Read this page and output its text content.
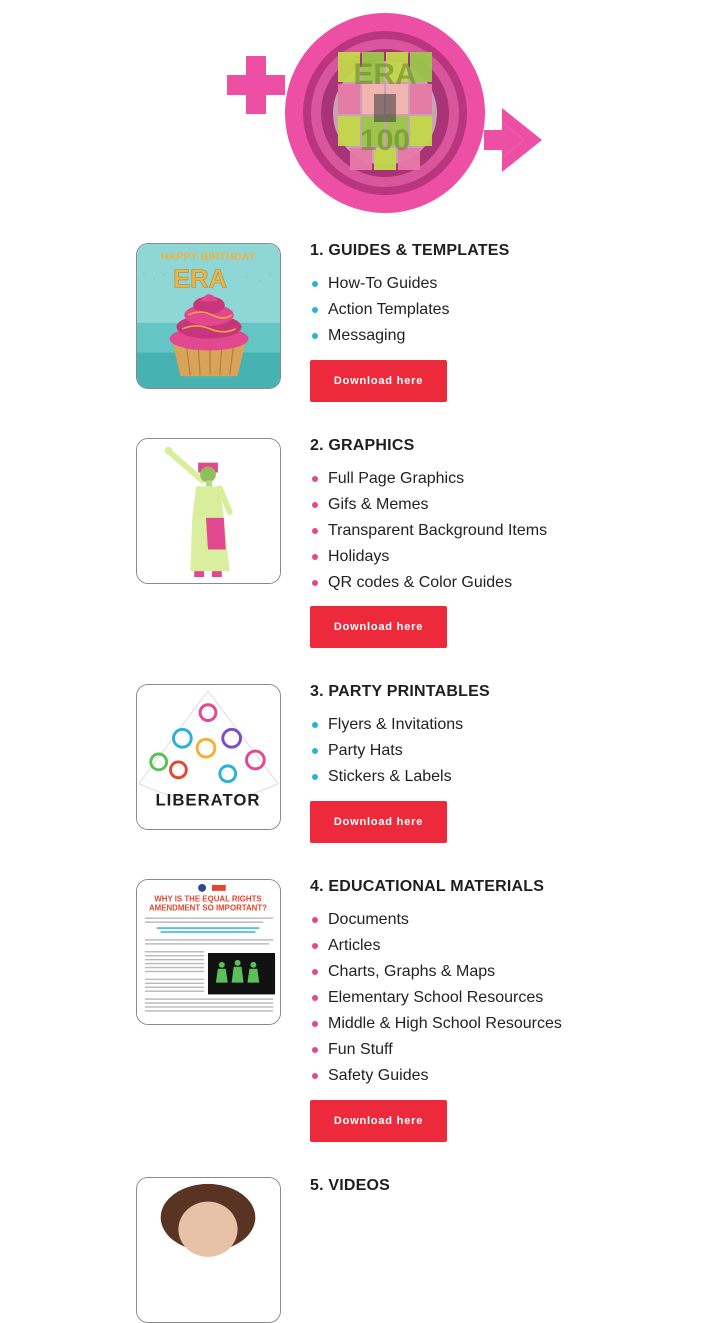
ERA
100
HAPPY BIRTHDAY
ERA
1. GUIDES & TEMPLATES
How-To Guides
Action Templates
Messaging
Download here
2. GRAPHICS
Full Page Graphics
Gifs & Memes
Transparent Background Items
Holidays
QR codes & Color Guides
Download here
LIBERATOR
3. PARTY PRINTABLES
Flyers & Invitations
Party Hats
Stickers & Labels
Download here
WHY IS THE EQUAL RIGHTS
AMENDMENT SO IMPORTANT?
4. EDUCATIONAL MATERIALS
Documents
Articles
Charts, Graphs & Maps
Elementary School Resources
Middle & High School Resources
Fun Stuff
Safety Guides
Download here
5. VIDEOS
